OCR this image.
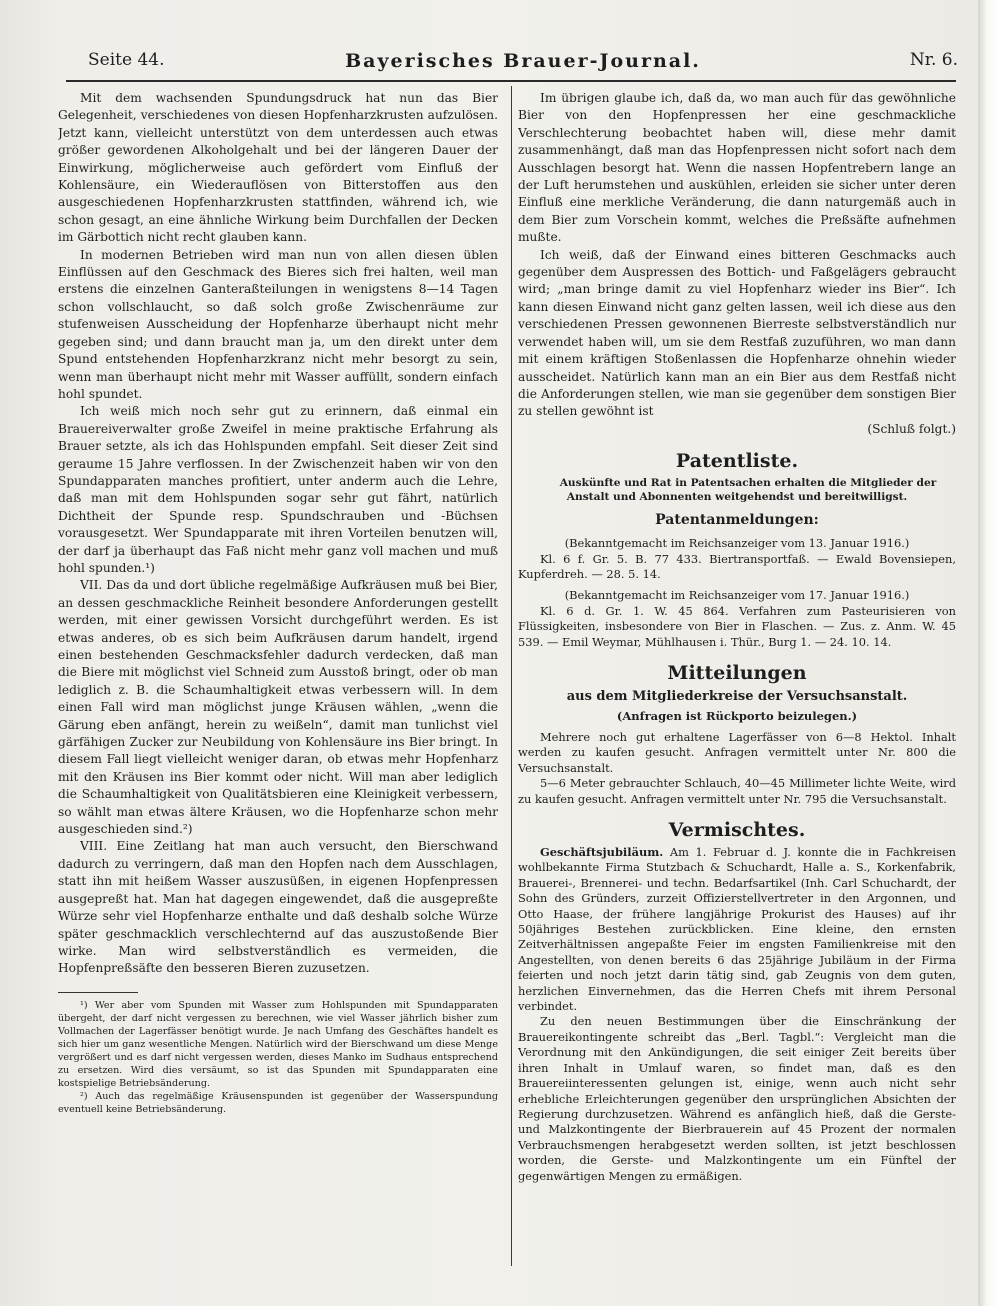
Seite 44.	Bayerisches Brauer-Journal.	Nr. 6.

Mit dem wachsenden Spundungsdruck hat nun das Bier Gelegenheit, verschiedenes von diesen Hopfenharzkrusten aufzulösen. Jetzt kann, vielleicht unterstützt von dem unterdessen auch etwas größer gewordenen Alkoholgehalt und bei der längeren Dauer der Einwirkung, möglicherweise auch gefördert vom Einfluß der Kohlensäure, ein Wiederauflösen von Bitterstoffen aus den ausgeschiedenen Hopfenharzkrusten stattfinden, während ich, wie schon gesagt, an eine ähnliche Wirkung beim Durchfallen der Decken im Gärbottich nicht recht glauben kann.

In modernen Betrieben wird man nun von allen diesen üblen Einflüssen auf den Geschmack des Bieres sich frei halten, weil man erstens die einzelnen Ganteraßteilungen in wenigstens 8—14 Tagen schon vollschlaucht, so daß solch große Zwischenräume zur stufenweisen Ausscheidung der Hopfenharze überhaupt nicht mehr gegeben sind; und dann braucht man ja, um den direkt unter dem Spund entstehenden Hopfenharzkranz nicht mehr besorgt zu sein, wenn man überhaupt nicht mehr mit Wasser auffüllt, sondern einfach hohl spundet.

Ich weiß mich noch sehr gut zu erinnern, daß einmal ein Brauereiverwalter große Zweifel in meine praktische Erfahrung als Brauer setzte, als ich das Hohlspunden empfahl. Seit dieser Zeit sind geraume 15 Jahre verflossen. In der Zwischenzeit haben wir von den Spundapparaten manches profitiert, unter anderm auch die Lehre, daß man mit dem Hohlspunden sogar sehr gut fährt, natürlich Dichtheit der Spunde resp. Spundschrauben und -Büchsen vorausgesetzt. Wer Spundapparate mit ihren Vorteilen benutzen will, der darf ja überhaupt das Faß nicht mehr ganz voll machen und muß hohl spunden.¹)

VII. Das da und dort übliche regelmäßige Aufkräusen muß bei Bier, an dessen geschmackliche Reinheit besondere Anforderungen gestellt werden, mit einer gewissen Vorsicht durchgeführt werden. Es ist etwas anderes, ob es sich beim Aufkräusen darum handelt, irgend einen bestehenden Geschmacksfehler dadurch verdecken, daß man die Biere mit möglichst viel Schneid zum Ausstoß bringt, oder ob man lediglich z. B. die Schaumhaltigkeit etwas verbessern will. In dem einen Fall wird man möglichst junge Kräusen wählen, „wenn die Gärung eben anfängt, herein zu weißeln“, damit man tunlichst viel gärfähigen Zucker zur Neubildung von Kohlensäure ins Bier bringt. In diesem Fall liegt vielleicht weniger daran, ob etwas mehr Hopfenharz mit den Kräusen ins Bier kommt oder nicht. Will man aber lediglich die Schaumhaltigkeit von Qualitätsbieren eine Kleinigkeit verbessern, so wählt man etwas ältere Kräusen, wo die Hopfenharze schon mehr ausgeschieden sind.²)

VIII. Eine Zeitlang hat man auch versucht, den Bierschwand dadurch zu verringern, daß man den Hopfen nach dem Ausschlagen, statt ihn mit heißem Wasser auszusüßen, in eigenen Hopfenpressen ausgepreßt hat. Man hat dagegen eingewendet, daß die ausgepreßte Würze sehr viel Hopfenharze enthalte und daß deshalb solche Würze später geschmacklich verschlechternd auf das auszustoßende Bier wirke. Man wird selbstverständlich es vermeiden, die Hopfenpreßsäfte den besseren Bieren zuzusetzen.

¹) Wer aber vom Spunden mit Wasser zum Hohlspunden mit Spundapparaten übergeht, der darf nicht vergessen zu berechnen, wie viel Wasser jährlich bisher zum Vollmachen der Lagerfässer benötigt wurde. Je nach Umfang des Geschäftes handelt es sich hier um ganz wesentliche Mengen. Natürlich wird der Bierschwand um diese Menge vergrößert und es darf nicht vergessen werden, dieses Manko im Sudhaus entsprechend zu ersetzen. Wird dies versäumt, so ist das Spunden mit Spundapparaten eine kostspielige Betriebsänderung.

²) Auch das regelmäßige Kräusenspunden ist gegenüber der Wasserspundung eventuell keine Betriebsänderung.

Im übrigen glaube ich, daß da, wo man auch für das gewöhnliche Bier von den Hopfenpressen her eine geschmackliche Verschlechterung beobachtet haben will, diese mehr damit zusammenhängt, daß man das Hopfenpressen nicht sofort nach dem Ausschlagen besorgt hat. Wenn die nassen Hopfentrebern lange an der Luft herumstehen und auskühlen, erleiden sie sicher unter deren Einfluß eine merkliche Veränderung, die dann naturgemäß auch in dem Bier zum Vorschein kommt, welches die Preßsäfte aufnehmen mußte.

Ich weiß, daß der Einwand eines bitteren Geschmacks auch gegenüber dem Auspressen des Bottich- und Faßgelägers gebraucht wird; „man bringe damit zu viel Hopfenharz wieder ins Bier“. Ich kann diesen Einwand nicht ganz gelten lassen, weil ich diese aus den verschiedenen Pressen gewonnenen Bierreste selbstverständlich nur verwendet haben will, um sie dem Restfaß zuzuführen, wo man dann mit einem kräftigen Stoßenlassen die Hopfenharze ohnehin wieder ausscheidet. Natürlich kann man an ein Bier aus dem Restfaß nicht die Anforderungen stellen, wie man sie gegenüber dem sonstigen Bier zu stellen gewöhnt ist

(Schluß folgt.)
Patentliste.

Auskünfte und Rat in Patentsachen erhalten die Mitglieder der Anstalt und Abonnenten weitgehendst und bereitwilligst.

Patentanmeldungen:

(Bekanntgemacht im Reichsanzeiger vom 13. Januar 1916.)

Kl. 6 f. Gr. 5. B. 77 433. Biertransportfaß. — Ewald Bovensiepen, Kupferdreh. — 28. 5. 14.

(Bekanntgemacht im Reichsanzeiger vom 17. Januar 1916.)

Kl. 6 d. Gr. 1. W. 45 864. Verfahren zum Pasteurisieren von Flüssigkeiten, insbesondere von Bier in Flaschen. — Zus. z. Anm. W. 45 539. — Emil Weymar, Mühlhausen i. Thür., Burg 1. — 24. 10. 14.

Mitteilungen
aus dem Mitgliederkreise der Versuchsanstalt.
(Anfragen ist Rückporto beizulegen.)

Mehrere noch gut erhaltene Lagerfässer von 6—8 Hektol. Inhalt werden zu kaufen gesucht. Anfragen vermittelt unter Nr. 800 die Versuchsanstalt.

5—6 Meter gebrauchter Schlauch, 40—45 Millimeter lichte Weite, wird zu kaufen gesucht. Anfragen vermittelt unter Nr. 795 die Versuchsanstalt.

Vermischtes.

Geschäftsjubiläum. Am 1. Februar d. J. konnte die in Fachkreisen wohlbekannte Firma Stutzbach & Schuchardt, Halle a. S., Korkenfabrik, Brauerei-, Brennerei- und techn. Bedarfsartikel (Inh. Carl Schuchardt, der Sohn des Gründers, zurzeit Offizierstellvertreter in den Argonnen, und Otto Haase, der frühere langjährige Prokurist des Hauses) auf ihr 50jähriges Bestehen zurückblicken. Eine kleine, den ernsten Zeitverhältnissen angepaßte Feier im engsten Familienkreise mit den Angestellten, von denen bereits 6 das 25jährige Jubiläum in der Firma feierten und noch jetzt darin tätig sind, gab Zeugnis von dem guten, herzlichen Einvernehmen, das die Herren Chefs mit ihrem Personal verbindet.

Zu den neuen Bestimmungen über die Einschränkung der Brauereikontingente schreibt das „Berl. Tagbl.“: Vergleicht man die Verordnung mit den Ankündigungen, die seit einiger Zeit bereits über ihren Inhalt in Umlauf waren, so findet man, daß es den Brauereiinteressenten gelungen ist, einige, wenn auch nicht sehr erhebliche Erleichterungen gegenüber den ursprünglichen Absichten der Regierung durchzusetzen. Während es anfänglich hieß, daß die Gerste- und Malzkontingente der Bierbrauerein auf 45 Prozent der normalen Verbrauchsmengen herabgesetzt werden sollten, ist jetzt beschlossen worden, die Gerste- und Malzkontingente um ein Fünftel der gegenwärtigen Mengen zu ermäßigen.
